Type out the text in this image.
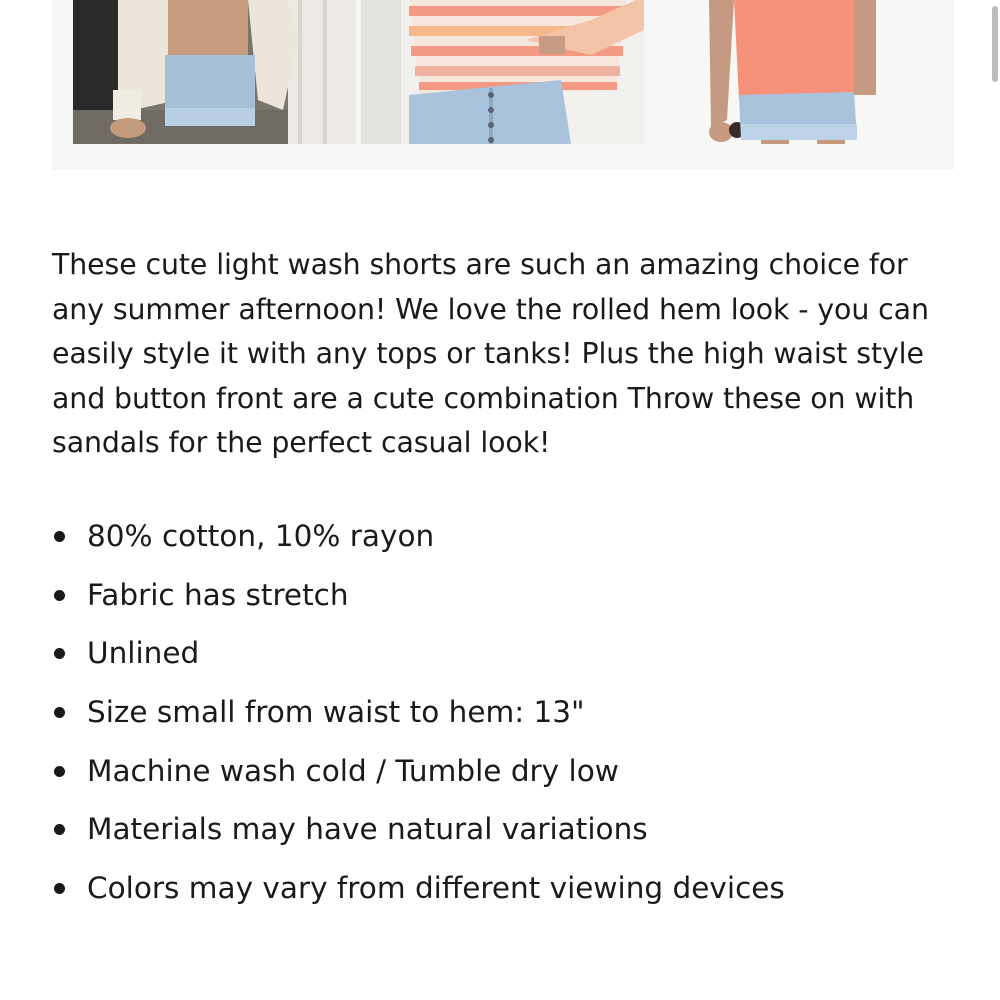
These cute light wash shorts are such an amazing choice for any summer afternoon! We love the rolled hem look - you can easily style it with any tops or tanks! Plus the high waist style and button front are a cute combination Throw these on with sandals for the perfect casual look!

80% cotton, 10% rayon
Fabric has stretch
Unlined
Size small from waist to hem: 13"
Machine wash cold / Tumble dry low
Materials may have natural variations
Colors may vary from different viewing devices
